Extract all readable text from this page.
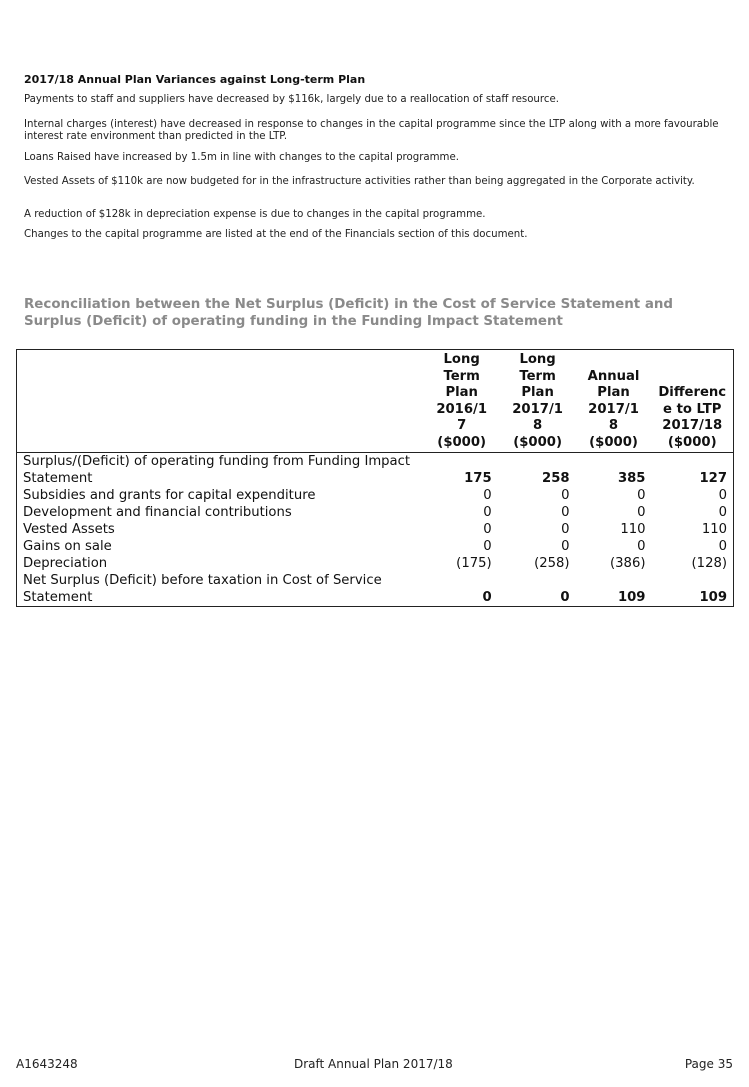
2017/18 Annual Plan Variances against Long-term Plan

Payments to staff and suppliers have decreased by $116k, largely due to a reallocation of staff resource.

Internal charges (interest) have decreased in response to changes in the capital programme since the LTP along with a more favourable interest rate environment than predicted in the LTP.

Loans Raised have increased by 1.5m in line with changes to the capital programme.

Vested Assets of $110k are now budgeted for in the infrastructure activities rather than being aggregated in the Corporate activity.

A reduction of $128k in depreciation expense is due to changes in the capital programme.

Changes to the capital programme are listed at the end of the Financials section of this document.

Reconciliation between the Net Surplus (Deficit) in the Cost of Service Statement and Surplus (Deficit) of operating funding in the Funding Impact Statement
	Long
Term
Plan
2016/1
7	Long
Term
Plan
2017/1
8	Annual
Plan
2017/1
8	Differenc
e to LTP
2017/18
	($000)	($000)	($000)	($000)
Surplus/(Deficit) of operating funding from Funding Impact Statement	175	258	385	127
Subsidies and grants for capital expenditure	0	0	0	0
Development and financial contributions	0	0	0	0
Vested Assets	0	0	110	110
Gains on sale	0	0	0	0
Depreciation	(175)	(258)	(386)	(128)
Net Surplus (Deficit) before taxation in Cost of Service Statement	0	0	109	109
A1643248	Draft Annual Plan 2017/18	Page 35
